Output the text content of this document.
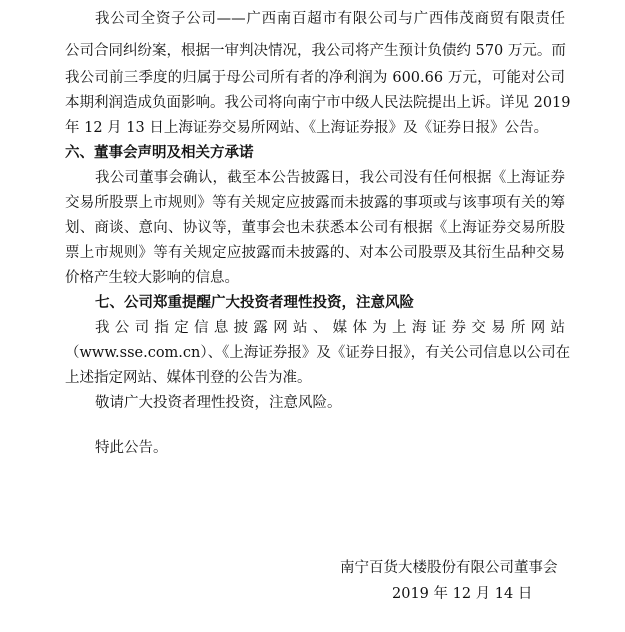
我公司全资子公司——广西南百超市有限公司与广西伟茂商贸有限责任
公司合同纠纷案，根据一审判决情况，我公司将产生预计负债约 570 万元。而
我公司前三季度的归属于母公司所有者的净利润为 600.66 万元，可能对公司
本期利润造成负面影响。我公司将向南宁市中级人民法院提出上诉。详见 2019
年 12 月 13 日上海证券交易所网站、《上海证券报》及《证券日报》公告。
六、董事会声明及相关方承诺
我公司董事会确认，截至本公告披露日，我公司没有任何根据《上海证券
交易所股票上市规则》等有关规定应披露而未披露的事项或与该事项有关的筹
划、商谈、意向、协议等，董事会也未获悉本公司有根据《上海证券交易所股
票上市规则》等有关规定应披露而未披露的、对本公司股票及其衍生品种交易
价格产生较大影响的信息。
七、公司郑重提醒广大投资者理性投资，注意风险
我公司指定信息披露网站、媒体为上海证券交易所网站
（www.sse.com.cn）、《上海证券报》及《证券日报》，有关公司信息以公司在
上述指定网站、媒体刊登的公告为准。
敬请广大投资者理性投资，注意风险。
特此公告。
南宁百货大楼股份有限公司董事会
2019 年 12 月 14 日
